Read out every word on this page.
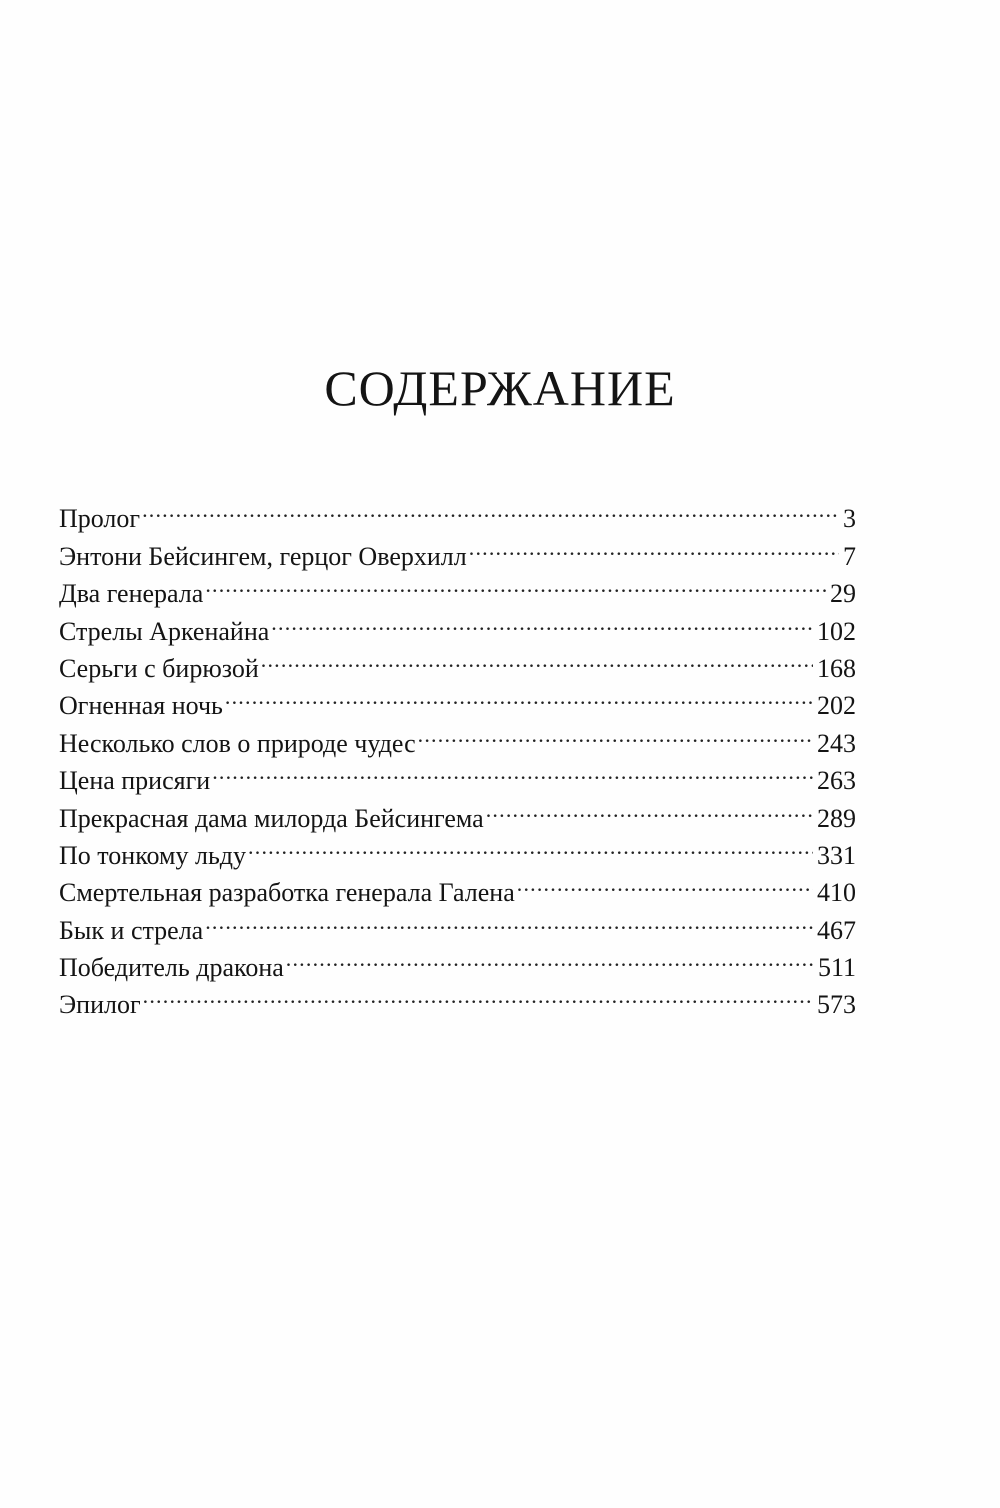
СОДЕРЖАНИЕ
Пролог .....	3
Энтони Бейсингем, герцог Оверхилл .....	7
Два генерала .....	29
Стрелы Аркенайна .....	102
Серьги с бирюзой .....	168
Огненная ночь .....	202
Несколько слов о природе чудес .....	243
Цена присяги .....	263
Прекрасная дама милорда Бейсингема .....	289
По тонкому льду .....	331
Смертельная разработка генерала Галена .....	410
Бык и стрела .....	467
Победитель дракона .....	511
Эпилог .....	573
